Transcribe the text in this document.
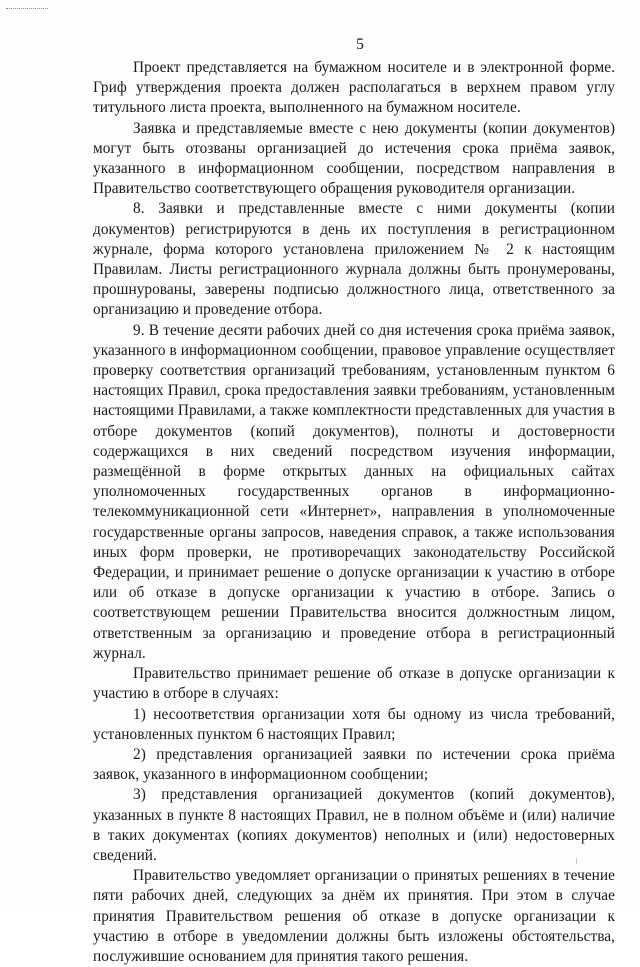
5

Проект представляется на бумажном носителе и в электронной форме. Гриф утверждения проекта должен располагаться в верхнем правом углу титульного листа проекта, выполненного на бумажном носителе.

Заявка и представляемые вместе с нею документы (копии документов) могут быть отозваны организацией до истечения срока приёма заявок, указанного в информационном сообщении, посредством направления в Правительство соответствующего обращения руководителя организации.

8. Заявки и представленные вместе с ними документы (копии документов) регистрируются в день их поступления в регистрационном журнале, форма которого установлена приложением № 2 к настоящим Правилам. Листы регистрационного журнала должны быть пронумерованы, прошнурованы, заверены подписью должностного лица, ответственного за организацию и проведение отбора.

9. В течение десяти рабочих дней со дня истечения срока приёма заявок, указанного в информационном сообщении, правовое управление осуществляет проверку соответствия организаций требованиям, установленным пунктом 6 настоящих Правил, срока предоставления заявки требованиям, установленным настоящими Правилами, а также комплектности представленных для участия в отборе документов (копий документов), полноты и достоверности содержащихся в них сведений посредством изучения информации, размещённой в форме открытых данных на официальных сайтах уполномоченных государственных органов в информационно-телекоммуникационной сети «Интернет», направления в уполномоченные государственные органы запросов, наведения справок, а также использования иных форм проверки, не противоречащих законодательству Российской Федерации, и принимает решение о допуске организации к участию в отборе или об отказе в допуске организации к участию в отборе. Запись о соответствующем решении Правительства вносится должностным лицом, ответственным за организацию и проведение отбора в регистрационный журнал.

Правительство принимает решение об отказе в допуске организации к участию в отборе в случаях:

1) несоответствия организации хотя бы одному из числа требований, установленных пунктом 6 настоящих Правил;

2) представления организацией заявки по истечении срока приёма заявок, указанного в информационном сообщении;

3) представления организацией документов (копий документов), указанных в пункте 8 настоящих Правил, не в полном объёме и (или) наличие в таких документах (копиях документов) неполных и (или) недостоверных сведений.

Правительство уведомляет организации о принятых решениях в течение пяти рабочих дней, следующих за днём их принятия. При этом в случае принятия Правительством решения об отказе в допуске организации к участию в отборе в уведомлении должны быть изложены обстоятельства, послужившие основанием для принятия такого решения.
